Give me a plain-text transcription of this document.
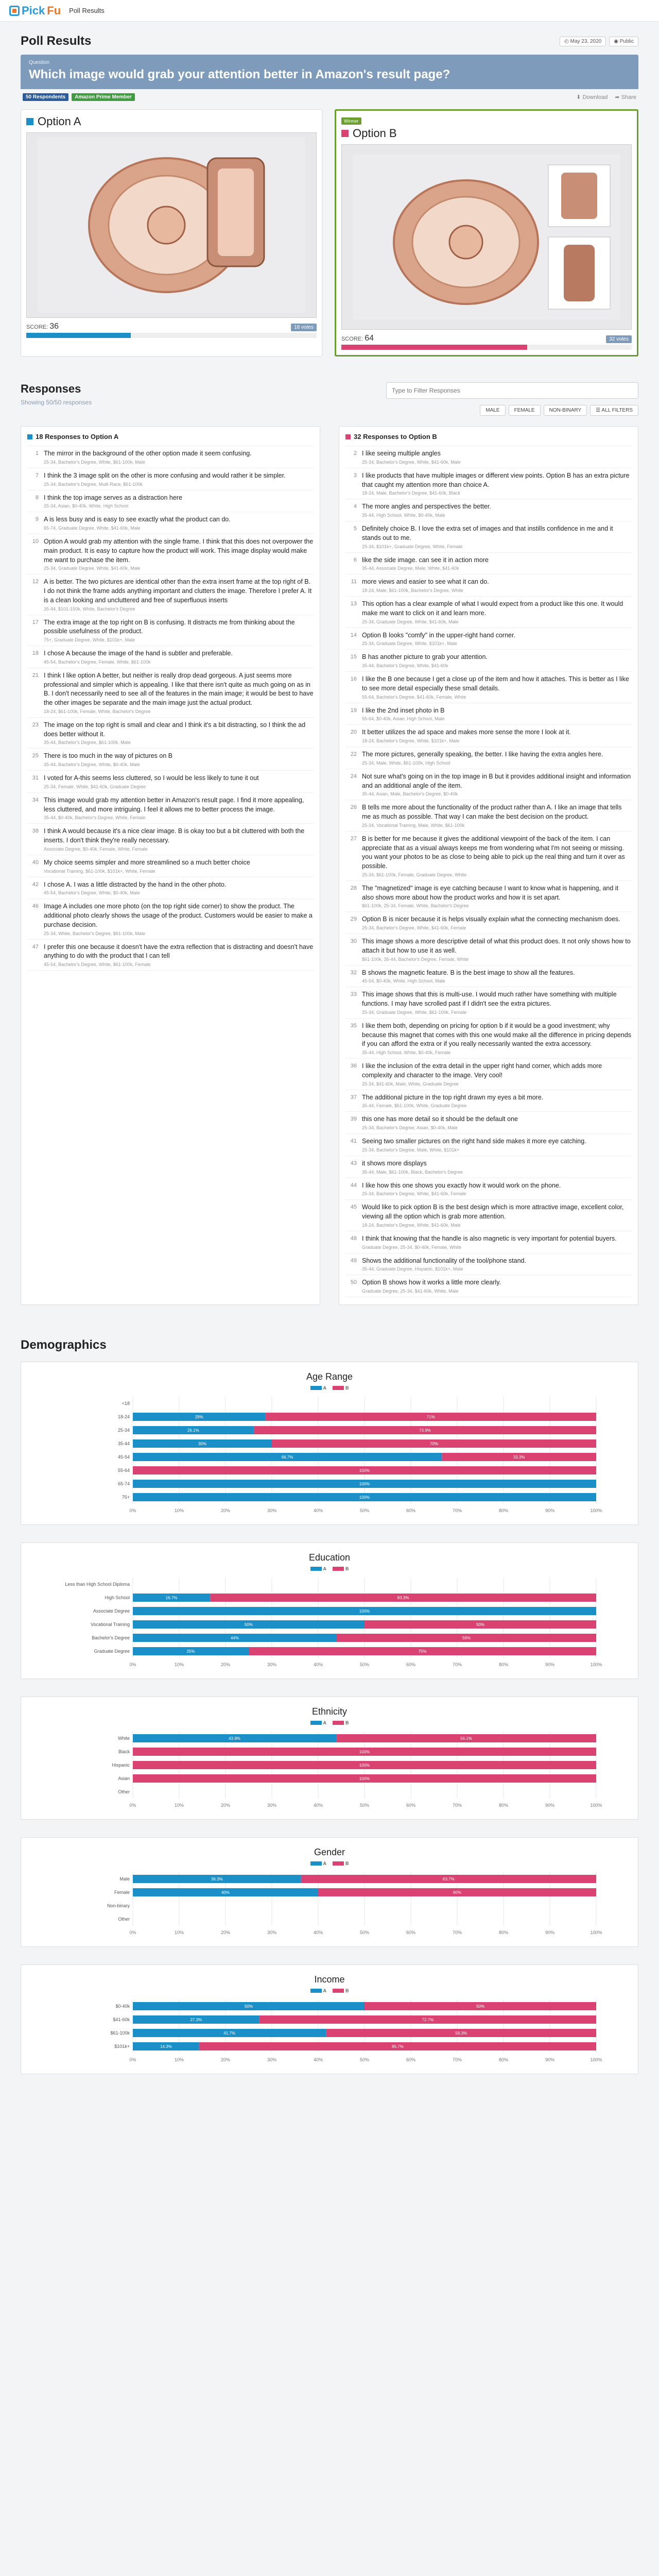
Pick Fu Poll Results
Poll Results	◴ May 23, 2020	◉ Public
Question
Which image would grab your attention better in Amazon's result page?
50 Respondents	Amazon Prime Member	⬇ Download ➦ Share
Option A
SCORE: 36	18 votes
Winner
Option B
SCORE: 64	32 votes
Responses
Showing 50/50 responses
Type to Filter Responses
MALE	FEMALE	NON-BINARY	☰ ALL FILTERS
18 Responses to Option A
1 The mirror in the background of the other option made it seem confusing.
25-34, Bachelor's Degree, White, $61-100k, Male
7 I think the 3 image split on the other is more confusing and would rather it be simpler.
25-34, Bachelor's Degree, Multi Race, $61-100k
8 I think the top image serves as a distraction here
25-34, Asian, $0-40k, White, High School
9 A is less busy and is easy to see exactly what the product can do.
65-74, Graduate Degree, White, $41-60k, Male
10 Option A would grab my attention with the single frame. I think that this does not overpower the main product. It is easy to capture how the product will work. This image display would make me want to purchase the item.
25-34, Graduate Degree, White, $41-60k, Male
12 A is better. The two pictures are identical other than the extra insert frame at the top right of B. I do not think the frame adds anything important and clutters the image. Therefore I prefer A. It is a clean looking and uncluttered and free of superfluous inserts
35-44, $101-150k, White, Bachelor's Degree
17 The extra image at the top right on B is confusing. It distracts me from thinking about the possible usefulness of the product.
75+, Graduate Degree, White, $101k+, Male
18 I chose A because the image of the hand is subtler and preferable.
45-54, Bachelor's Degree, Female, White, $61-100k
21 I think I like option A better, but neither is really drop dead gorgeous. A just seems more professional and simpler which is appealing. I like that there isn't quite as much going on as in B. I don't necessarily need to see all of the features in the main image; it would be best to have the other images be separate and the main image just the actual product.
18-24, $61-100k, Female, White, Bachelor's Degree
23 The image on the top right is small and clear and I think it's a bit distracting, so I think the ad does better without it.
35-44, Bachelor's Degree, $61-100k, Male
25 There is too much in the way of pictures on B
35-44, Bachelor's Degree, White, $0-40k, Male
31 I voted for A-this seems less cluttered, so I would be less likely to tune it out
25-34, Female, White, $41-60k, Graduate Degree
34 This image would grab my attention better in Amazon's result page. I find it more appealing, less cluttered, and more intriguing. I feel it allows me to better process the image.
35-44, $0-40k, Bachelor's Degree, White, Female
38 I think A would because it's a nice clear image. B is okay too but a bit cluttered with both the inserts. I don't think they're really necessary.
Associate Degree, $0-40k, Female, White, Female
40 My choice seems simpler and more streamlined so a much better choice
Vocational Training, $61-100k, $101k+, White, Female
42 I chose A. I was a little distracted by the hand in the other photo.
45-54, Bachelor's Degree, White, $0-40k, Male
46 Image A includes one more photo (on the top right side corner) to show the product. The additional photo clearly shows the usage of the product. Customers would be easier to make a purchase decision.
25-34, White, Bachelor's Degree, $61-100k, Male
47 I prefer this one because it doesn't have the extra reflection that is distracting and doesn't have anything to do with the product that I can tell
45-54, Bachelor's Degree, White, $61-100k, Female
32 Responses to Option B
2 I like seeing multiple angles
25-34, Bachelor's Degree, White, $41-60k, Male
3 I like products that have multiple images or different view points. Option B has an extra picture that caught my attention more than choice A.
18-24, Male, Bachelor's Degree, $41-60k, Black
4 The more angles and perspectives the better.
35-44, High School, White, $0-40k, Male
5 Definitely choice B. I love the extra set of images and that instills confidence in me and it stands out to me.
25-34, $101k+, Graduate Degree, White, Female
6 like the side image. can see it in action more
35-44, Associate Degree, Male, White, $41-60k
11 more views and easier to see what it can do.
18-24, Male, $61-100k, Bachelor's Degree, White
13 This option has a clear example of what I would expect from a product like this one. It would make me want to click on it and learn more.
25-34, Graduate Degree, White, $41-60k, Male
14 Option B looks "comfy" in the upper-right hand corner.
25-34, Graduate Degree, White, $101k+, Male
15 B has another picture to grab your attention.
35-44, Bachelor's Degree, White, $41-60k
16 I like the B one because I get a close up of the item and how it attaches. This is better as I like to see more detail especially these small details.
55-64, Bachelor's Degree, $41-60k, Female, White
19 I like the 2nd inset photo in B
55-64, $0-40k, Asian, High School, Male
20 It better utilizes the ad space and makes more sense the more I look at it.
18-24, Bachelor's Degree, White, $101k+, Male
22 The more pictures, generally speaking, the better. I like having the extra angles here.
25-34, Male, White, $61-100k, High School
24 Not sure what's going on in the top image in B but it provides additional insight and information and an additional angle of the item.
35-44, Asian, Male, Bachelor's Degree, $0-40k
26 B tells me more about the functionality of the product rather than A. I like an image that tells me as much as possible. That way I can make the best decision on the product.
25-34, Vocational Training, Male, White, $61-100k
27 B is better for me because it gives the additional viewpoint of the back of the item. I can appreciate that as a visual always keeps me from wondering what I'm not seeing or missing. you want your photos to be as close to being able to pick up the real thing and turn it over as possible.
25-34, $61-100k, Female, Graduate Degree, White
28 The "magnetized" image is eye catching because I want to know what is happening, and it also shows more about how the product works and how it is set apart.
$61-100k, 25-34, Female, White, Bachelor's Degree
29 Option B is nicer because it is helps visually explain what the connecting mechanism does.
25-34, Bachelor's Degree, White, $41-60k, Female
30 This image shows a more descriptive detail of what this product does. It not only shows how to attach it but how to use it as well.
$61-100k, 35-44, Bachelor's Degree, Female, White
32 B shows the magnetic feature. B is the best image to show all the features.
45-54, $0-40k, White, High School, Male
33 This image shows that this is multi-use. I would much rather have something with multiple functions. I may have scrolled past if I didn't see the extra pictures.
25-34, Graduate Degree, White, $61-100k, Female
35 I like them both, depending on pricing for option b if it would be a good investment; why because this magnet that comes with this one would make all the difference in pricing depends if you can afford the extra or if you really necessarily wanted the extra accessory.
35-44, High School, White, $0-40k, Female
36 I like the inclusion of the extra detail in the upper right hand corner, which adds more complexity and character to the image. Very cool!
25-34, $41-60k, Male, White, Graduate Degree
37 The additional picture in the top right drawn my eyes a bit more.
35-44, Female, $61-100k, White, Graduate Degree
39 this one has more detail so it should be the default one
25-34, Bachelor's Degree, Asian, $0-40k, Male
41 Seeing two smaller pictures on the right hand side makes it more eye catching.
25-34, Bachelor's Degree, Male, White, $101k+
43 it shows more displays
35-44, Male, $61-100k, Black, Bachelor's Degree
44 I like how this one shows you exactly how it would work on the phone.
25-34, Bachelor's Degree, White, $41-60k, Female
45 Would like to pick option B is the best design which is more attractive image, excellent color, viewing all the option which is grab more attention.
18-24, Bachelor's Degree, White, $41-60k, Male
48 I think that knowing that the handle is also magnetic is very important for potential buyers.
Graduate Degree, 25-34, $0-40k, Female, White
49 Shows the additional functionality of the tool/phone stand.
35-44, Graduate Degree, Hispanic, $101k+, Male
50 Option B shows how it works a little more clearly.
Graduate Degree, 25-34, $41-60k, White, Male
Demographics
Age Range
A	B
0%	10%	20%	30%	40%	50%	60%	70%	80%	90%	100%
<18
18-24	29%	71%
25-34	26.1%	73.9%
35-44	30%	70%
45-54	66.7%	33.3%
55-64	100%
65-74	100%
75+	100%
Education
A	B
0%	10%	20%	30%	40%	50%	60%	70%	80%	90%	100%
Less than High School Diploma
High School	16.7%	83.3%
Associate Degree	100%
Vocational Training	50%	50%
Bachelor's Degree	44%	56%
Graduate Degree	25%	75%
Ethnicity
A	B
0%	10%	20%	30%	40%	50%	60%	70%	80%	90%	100%
White	43.9%	56.1%
Black	100%
Hispanic	100%
Asian	100%
Other
Gender
A	B
0%	10%	20%	30%	40%	50%	60%	70%	80%	90%	100%
Male	36.3%	63.7%
Female	40%	60%
Non-binary
Other
Income
A	B
0%	10%	20%	30%	40%	50%	60%	70%	80%	90%	100%
$0-40k	50%	50%
$41-60k	27.3%	72.7%
$61-100k	41.7%	58.3%
$101k+	14.3%	85.7%
